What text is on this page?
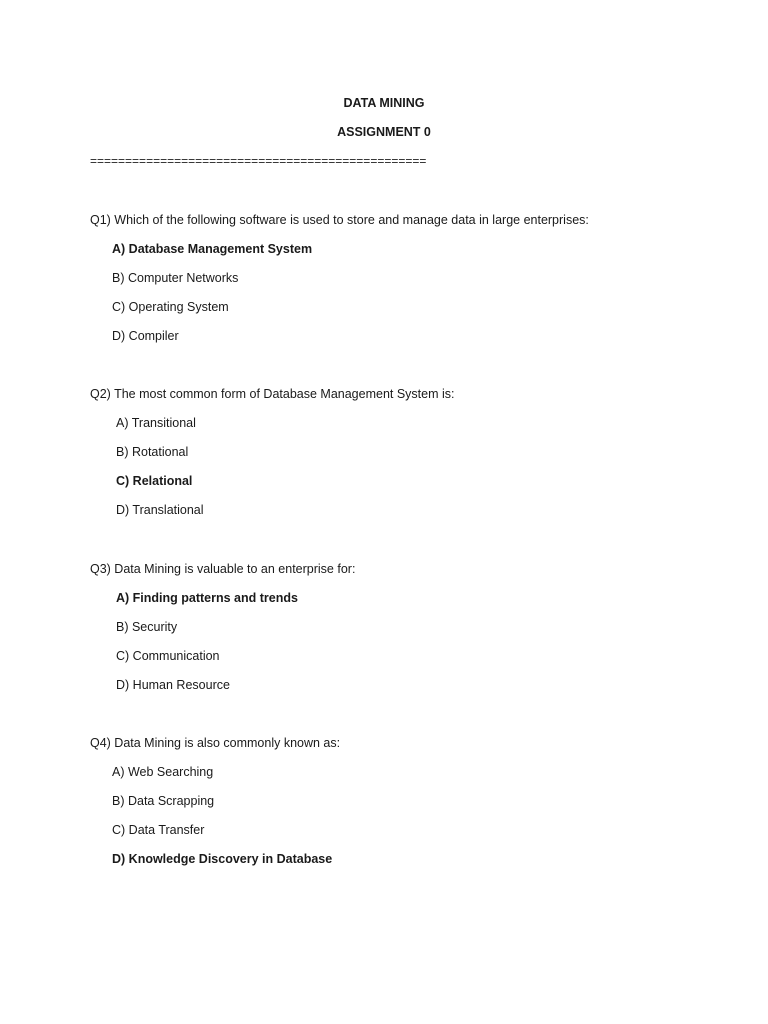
DATA MINING

ASSIGNMENT 0

================================================

Q1) Which of the following software is used to store and manage data in large enterprises:

A) Database Management System

B) Computer Networks

C) Operating System

D) Compiler

Q2) The most common form of Database Management System is:

A) Transitional

B) Rotational

C) Relational

D) Translational

Q3) Data Mining is valuable to an enterprise for:

A) Finding patterns and trends

B) Security

C) Communication

D) Human Resource

Q4) Data Mining is also commonly known as:

A) Web Searching

B) Data Scrapping

C) Data Transfer

D) Knowledge Discovery in Database
